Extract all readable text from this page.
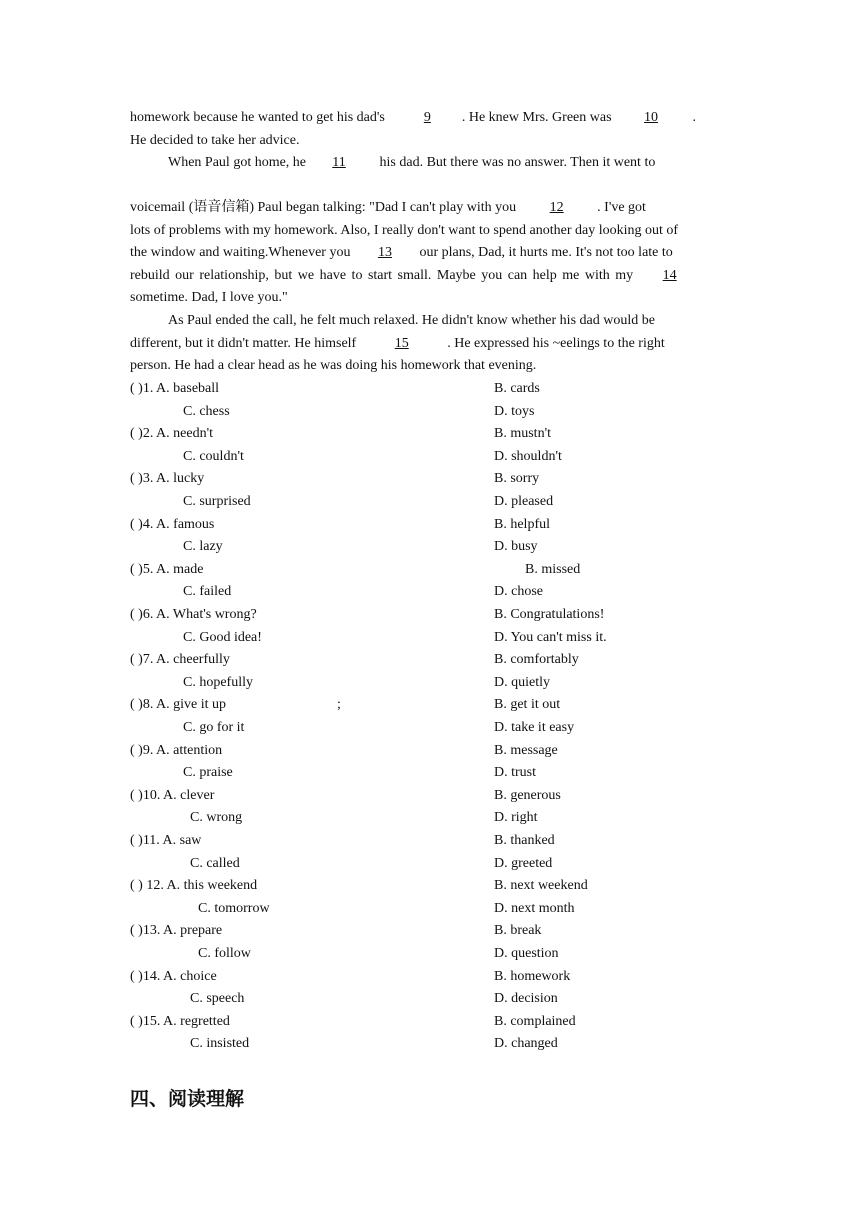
homework because he wanted to get his dad's	9 . He knew Mrs. Green was 10 .
He decided to take her advice.
When Paul got home, he 11 his dad. But there was no answer. Then it went to
voicemail (语音信箱) Paul began talking: "Dad I can't play with you 12 . I've got
lots of problems with my homework. Also, I really don't want to spend another day looking out of
the window and waiting.Whenever you 13 our plans, Dad, it hurts me. It's not too late to
rebuild our relationship, but we have to start small. Maybe you can help me with my 14
sometime. Dad, I love you."
As Paul ended the call, he felt much relaxed. He didn't know whether his dad would be
different, but it didn't matter. He himself	15	. He expressed his ~eelings to the right
person. He had a clear head as he was doing his homework that evening.
( )1. A. baseball	B. cards
C. chess	D. toys
( )2. A. needn't	B. mustn't
C. couldn't	D. shouldn't
( )3. A. lucky	B. sorry
C. surprised	D. pleased
( )4. A. famous	B. helpful
C. lazy	D. busy
( )5. A. made	B. missed
C. failed	D. chose
( )6. A. What's wrong?	B. Congratulations!
C. Good idea!	D. You can't miss it.
( )7. A. cheerfully	B. comfortably
C. hopefully	D. quietly
( )8. A. give it up	;	B. get it out
C. go for it	D. take it easy
( )9. A. attention	B. message
C. praise	D. trust
( )10. A. clever	B. generous
C. wrong	D. right
( )11. A. saw	B. thanked
C. called	D. greeted
( ) 12. A. this weekend	B. next weekend
C. tomorrow	D. next month
( )13. A. prepare	B. break
C. follow	D. question
( )14. A. choice	B. homework
C. speech	D. decision
( )15. A. regretted	B. complained
C. insisted	D. changed
四、阅读理解
